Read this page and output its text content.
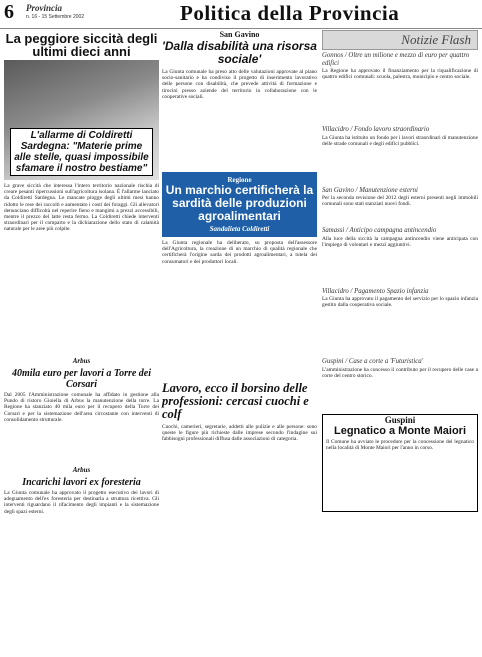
6 Provincia
n. 16 - 15 Settembre 2002	Politica della Provincia
La peggiore siccità degli ultimi dieci anni
L'allarme di Coldiretti Sardegna: "Materie prime alle stelle, quasi impossibile sfamare il nostro bestiame"

La grave siccità che interessa l'intero territorio nazionale rischia di creare pesanti ripercussioni sull'agricoltura isolana. È l'allarme lanciato da Coldiretti Sardegna. Le mancate piogge degli ultimi mesi hanno ridotto le rese dei raccolti e aumentato i costi dei foraggi. Gli allevatori denunciano difficoltà nel reperire fieno e mangimi a prezzi accessibili, mentre il prezzo del latte resta fermo. La Coldiretti chiede interventi straordinari per il comparto e la dichiarazione dello stato di calamità naturale per le aree più colpite.

Arbus
40mila euro per lavori a Torre dei Corsari

Dal 2005 l'Amministrazione comunale ha affidato in gestione alla Pundo di ristoro Gioiella di Arbus la manutenzione della torre. La Regione ha stanziato 40 mila euro per il recupero della Torre dei Corsari e per la sistemazione dell'area circostante con interventi di consolidamento strutturale.

Arbus
Incarichi lavori ex foresteria

La Giunta comunale ha approvato il progetto esecutivo dei lavori di adeguamento dell'ex foresteria per destinarla a struttura ricettiva. Gli interventi riguardano il rifacimento degli impianti e la sistemazione degli spazi esterni.

San Gavino
'Dalla disabilità una risorsa sociale'

La Giunta comunale ha preso atto delle valutazioni approvate al piano socio-sanitario e ha condiviso il progetto di inserimento lavorativo delle persone con disabilità, che prevede attività di formazione e tirocini presso aziende del territorio in collaborazione con le cooperative sociali.

Regione
Un marchio certificherà la sardità delle produzioni agroalimentari
Sandalieta Coldiretti

La Giunta regionale ha deliberato, su proposta dell'assessore dell'Agricoltura, la creazione di un marchio di qualità regionale che certificherà l'origine sarda dei prodotti agroalimentari, a tutela dei consumatori e dei produttori locali.

Lavoro, ecco il borsino delle professioni: cercasi cuochi e colf

Cuochi, camerieri, segretarie, addetti alle pulizie e alle persone: sono queste le figure più richieste dalle imprese secondo l'indagine sui fabbisogni professionali diffusa dalle associazioni di categoria.

Notizie Flash
Gonnos / Oltre un milione e mezzo di euro per quattro edifici

La Regione ha approvato il finanziamento per la riqualificazione di quattro edifici comunali: scuola, palestra, municipio e centro sociale.

Villacidro / Fondo lavoro straordinario

La Giunta ha istituito un fondo per i lavori straordinari di manutenzione delle strade comunali e degli edifici pubblici.

San Gavino / Manutenzione esterni

Per la seconda revisione del 2012 degli esterni presenti negli immobili comunali sono stati stanziati nuovi fondi.

Samassi / Anticipo campagna antincendio

Alla luce della siccità la campagna antincendio viene anticipata con l'impiego di volontari e mezzi aggiuntivi.

Villacidro / Pagamento Spazio infanzia

La Giunta ha approvato il pagamento del servizio per lo spazio infanzia gestito dalla cooperativa sociale.

Guspini / Case a corte a 'Futuristica'

L'amministrazione ha concesso il contributo per il recupero delle case a corte del centro storico.

Guspini
Legnatico a Monte Maiori

Il Comune ha avviato le procedure per la concessione del legnatico nella località di Monte Maiori per l'anno in corso.
